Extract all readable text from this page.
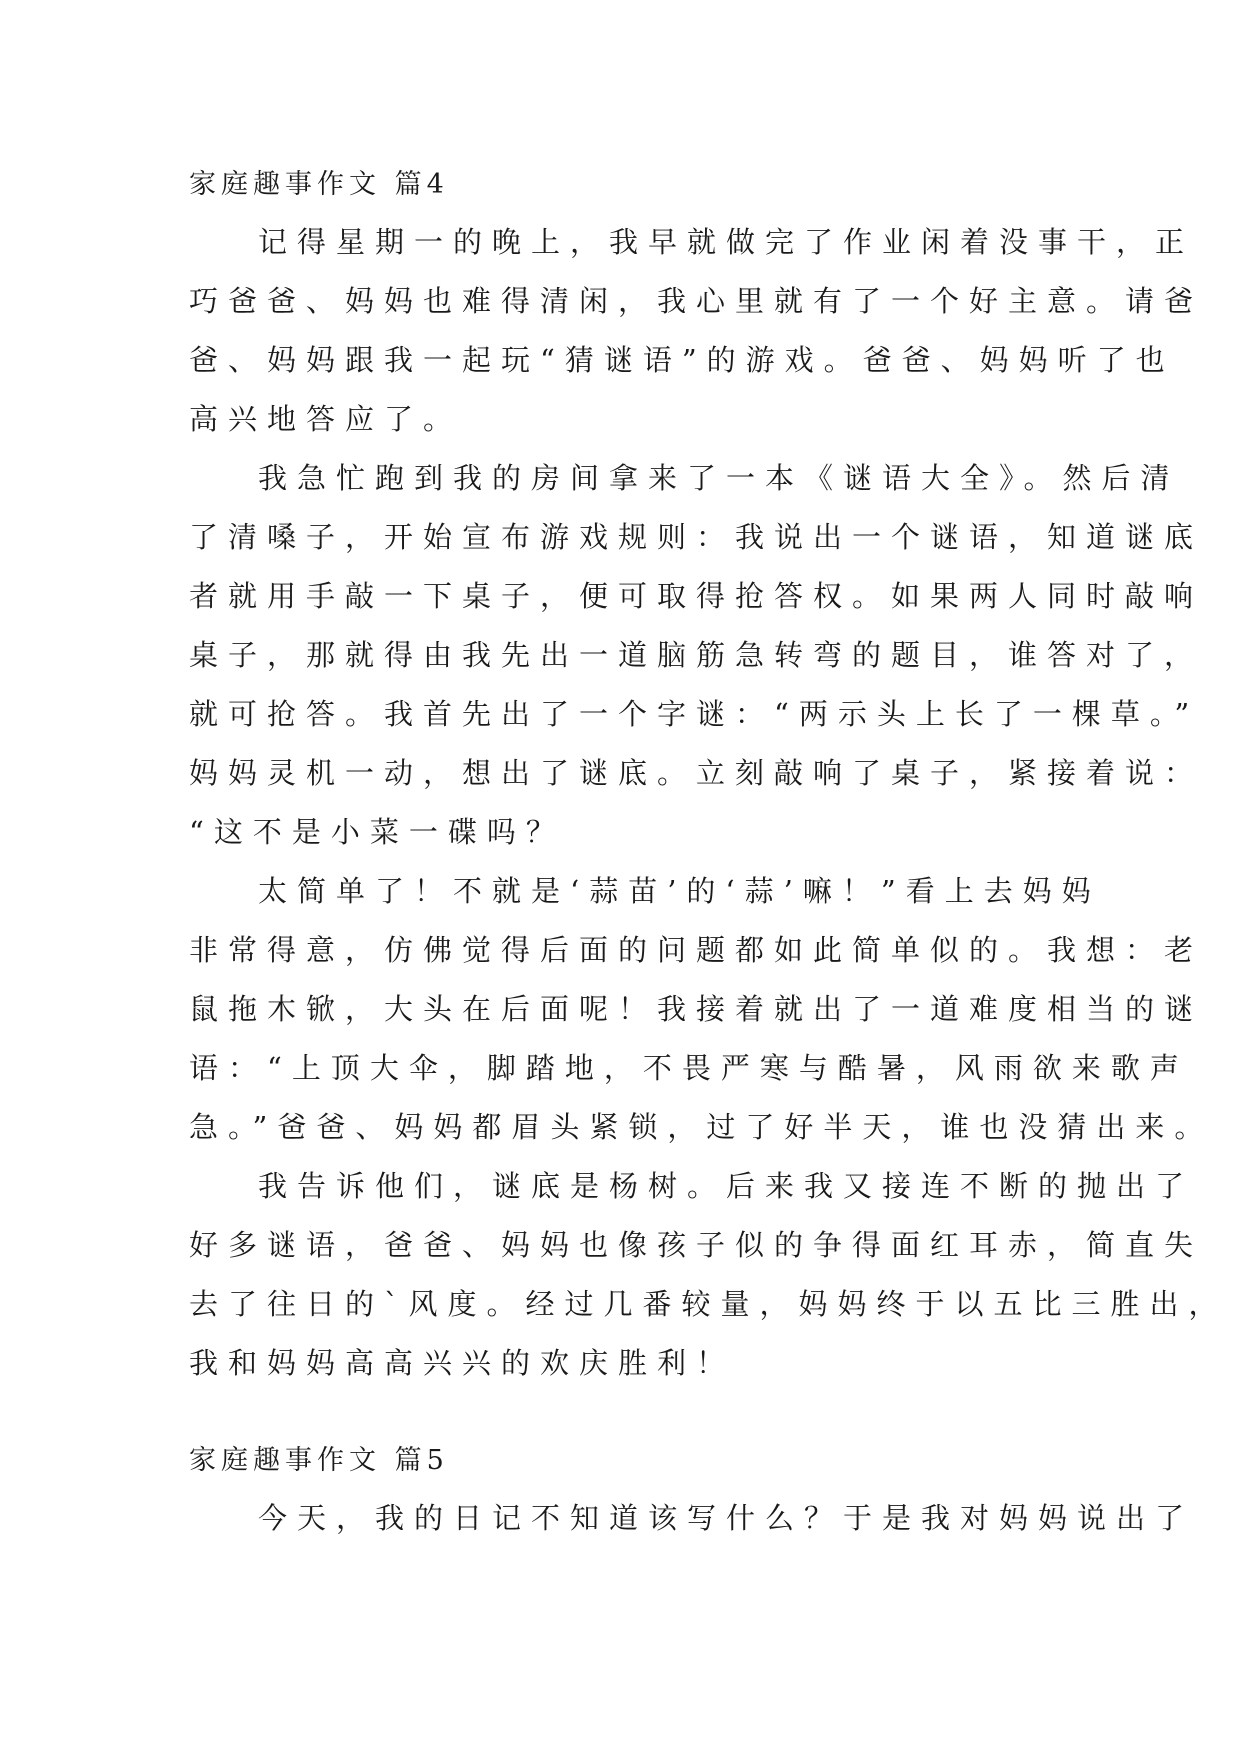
家庭趣事作文 篇4
记得星期一的晚上，我早就做完了作业闲着没事干，正
巧爸爸、妈妈也难得清闲，我心里就有了一个好主意。请爸
爸、妈妈跟我一起玩“猜谜语”的游戏。爸爸、妈妈听了也
高兴地答应了。
我急忙跑到我的房间拿来了一本《谜语大全》。然后清
了清嗓子，开始宣布游戏规则：我说出一个谜语，知道谜底
者就用手敲一下桌子，便可取得抢答权。如果两人同时敲响
桌子，那就得由我先出一道脑筋急转弯的题目，谁答对了，
就可抢答。我首先出了一个字谜：“两示头上长了一棵草。”
妈妈灵机一动，想出了谜底。立刻敲响了桌子，紧接着说：
“这不是小菜一碟吗？
太简单了！不就是‘蒜苗’的‘蒜’嘛！”看上去妈妈
非常得意，仿佛觉得后面的问题都如此简单似的。我想：老
鼠拖木锨，大头在后面呢！我接着就出了一道难度相当的谜
语：“上顶大伞，脚踏地，不畏严寒与酷暑，风雨欲来歌声
急。”爸爸、妈妈都眉头紧锁，过了好半天，谁也没猜出来。
我告诉他们，谜底是杨树。后来我又接连不断的抛出了
好多谜语，爸爸、妈妈也像孩子似的争得面红耳赤，简直失
去了往日的`风度。经过几番较量，妈妈终于以五比三胜出，
我和妈妈高高兴兴的欢庆胜利！
家庭趣事作文 篇5
今天，我的日记不知道该写什么？于是我对妈妈说出了
